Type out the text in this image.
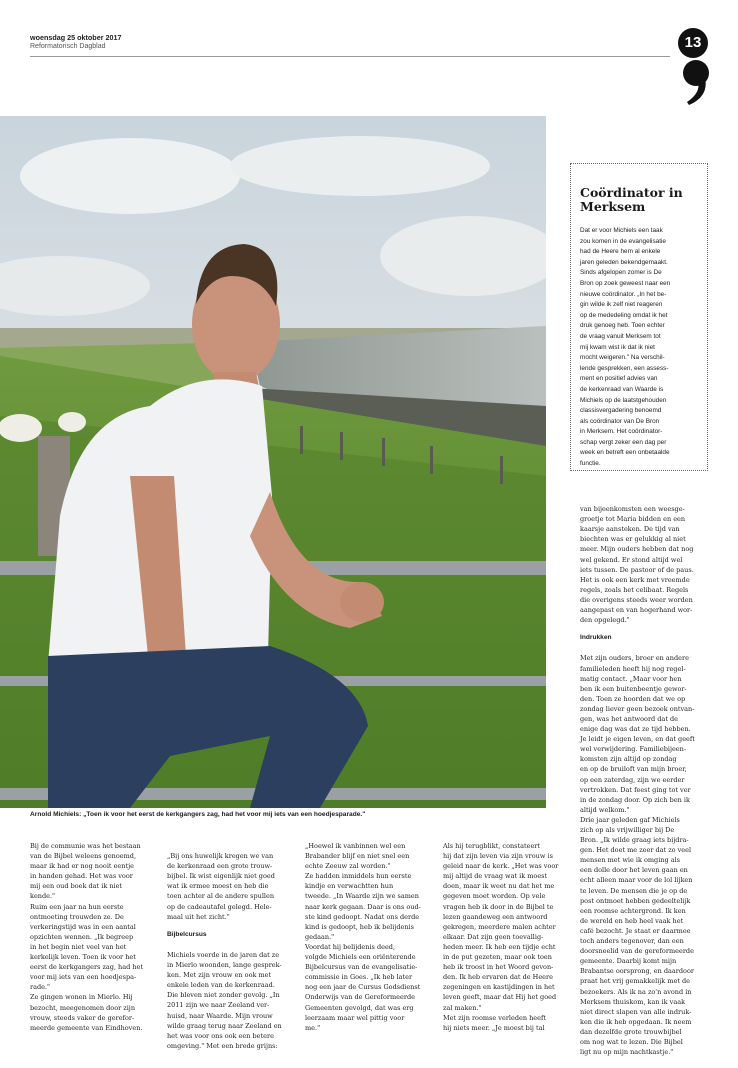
woensdag 25 oktober 2017
Reformatorisch Dagblad	13
Arnold Michiels: „Toen ik voor het eerst de kerkgangers zag, had het voor mij iets van een hoedjesparade."
Coördinator in Merksem
Dat er voor Michiels een taak
zou komen in de evangelisatie
had de Heere hem al enkele
jaren geleden bekendgemaakt.
Sinds afgelopen zomer is De
Bron op zoek geweest naar een
nieuwe coördinator. „In het be-
gin wilde ik zelf niet reageren
op de mededeling omdat ik het
druk genoeg heb. Toen echter
de vraag vanuit Merksem tot
mij kwam wist ik dat ik niet
mocht weigeren." Na verschil-
lende gesprekken, een assess-
ment en positief advies van
de kerkenraad van Waarde is
Michiels op de laatstgehouden
classisvergadering benoemd
als coördinator van De Bron
in Merksem. Het coördinator-
schap vergt zeker een dag per
week en betreft een onbetaalde
functie.

van bijeenkomsten een weesge-
groetje tot Maria bidden en een
kaarsje aansteken. De tijd van
biechten was er gelukkig al niet
meer. Mijn ouders hebben dat nog
wel gekend. Er stond altijd wel
iets tussen. De pastoor of de paus.
Het is ook een kerk met vreemde
regels, zoals het celibaat. Regels
die overigens steeds weer worden
aangepast en van hogerhand wor-
den opgelegd."

Indrukken

Met zijn ouders, broer en andere
familieleden heeft hij nog regel-
matig contact. „Maar voor hen
ben ik een buitenbeentje gewor-
den. Toen ze hoorden dat we op
zondag liever geen bezoek ontvan-
gen, was het antwoord dat de
enige dag was dat ze tijd hebben.
Je leidt je eigen leven, en dat geeft
wel verwijdering. Familiebijeen-
komsten zijn altijd op zondag
en op de bruiloft van mijn broer,
op een zaterdag, zijn we eerder
vertrokken. Dat feest ging tot ver
in de zondag door. Op zich ben ik
altijd welkom."
Drie jaar geleden gaf Michiels
zich op als vrijwilliger bij De
Bron. „Ik wilde graag iets bijdra-
gen. Het doet me zeer dat zo veel
mensen met wie ik omging als
een dolle door het leven gaan en
echt alleen maar voor de lol lijken
te leven. De mensen die je op de
post ontmoet hebben gedeeltelijk
een roomse achtergrond. Ik ken
de wereld en heb heel vaak het
café bezocht. Je staat er daarmee
toch anders tegenover, dan een
doorsneelid van de gereformeerde
gemeente. Daarbij komt mijn
Brabantse oorsprong, en daardoor
praat het vrij gemakkelijk met de
bezoekers. Als ik na zo'n avond in
Merksem thuiskom, kan ik vaak
niet direct slapen van alle indruk-
ken die ik heb opgedaan. Ik neem
dan dezelfde grote trouwbijbel
om nog wat te lezen. Die Bijbel
ligt nu op mijn nachtkastje."

Bij de communie was het bestaan
van de Bijbel weleens genoemd,
maar ik had er nog nooit eentje
in handen gehad. Het was voor
mij een oud boek dat ik niet
kende."
Ruim een jaar na hun eerste
ontmoeting trouwden ze. De
verkeringstijd was in een aantal
opzichten wennen. „Ik begreep
in het begin niet veel van het
kerkelijk leven. Toen ik voor het
eerst de kerkgangers zag, had het
voor mij iets van een hoedjespa-
rade."
Ze gingen wonen in Mierlo. Hij
bezocht, meegenomen door zijn
vrouw, steeds vaker de gerefor-
meerde gemeente van Eindhoven.

„Bij ons huwelijk kregen we van
de kerkenraad een grote trouw-
bijbel. Ik wist eigenlijk niet goed
wat ik ermee moest en heb die
toen achter al de andere spullen
op de cadeautafel gelegd. Hele-
maal uit het zicht."

Bijbelcursus

Michiels voerde in de jaren dat ze
in Mierlo woonden, lange gesprek-
ken. Met zijn vrouw en ook met
enkele leden van de kerkenraad.
Die bleven niet zonder gevolg. „In
2011 zijn we naar Zeeland ver-
huisd, naar Waarde. Mijn vrouw
wilde graag terug naar Zeeland en
het was voor ons ook een betere
omgeving." Met een brede grijns:

„Hoewel ik vanbinnen wel een
Brabander blijf en niet snel een
echte Zeeuw zal worden."
Ze hadden inmiddels hun eerste
kindje en verwachtten hun
tweede. „In Waarde zijn we samen
naar kerk gegaan. Daar is ons oud-
ste kind gedoopt. Nadat ons derde
kind is gedoopt, heb ik belijdenis
gedaan."
Voordat hij belijdenis deed,
volgde Michiels een oriënterende
Bijbelcursus van de evangelisatie-
commissie in Goes. „Ik heb later
nog een jaar de Cursus Godsdienst
Onderwijs van de Gereformeerde
Gemeenten gevolgd, dat was erg
leerzaam maar wel pittig voor
me."
Als hij terugblikt, constateert
hij dat zijn leven via zijn vrouw is
geleid naar de kerk. „Het was voor
mij altijd de vraag wat ik moest
doen, maar ik weet nu dat het me
gegeven moet worden. Op vele
vragen heb ik door in de Bijbel te
lezen gaandeweg een antwoord
gekregen, meerdere malen achter
elkaar. Dat zijn geen toevallig-
heden meer. Ik heb een tijdje echt
in de put gezeten, maar ook toen
heb ik troost in het Woord gevon-
den. Ik heb ervaren dat de Heere
zegeningen en kastijdingen in het
leven geeft, maar dat Hij het goed
zal maken."
Met zijn roomse verleden heeft
hij niets meer. „Je moest bij tal
